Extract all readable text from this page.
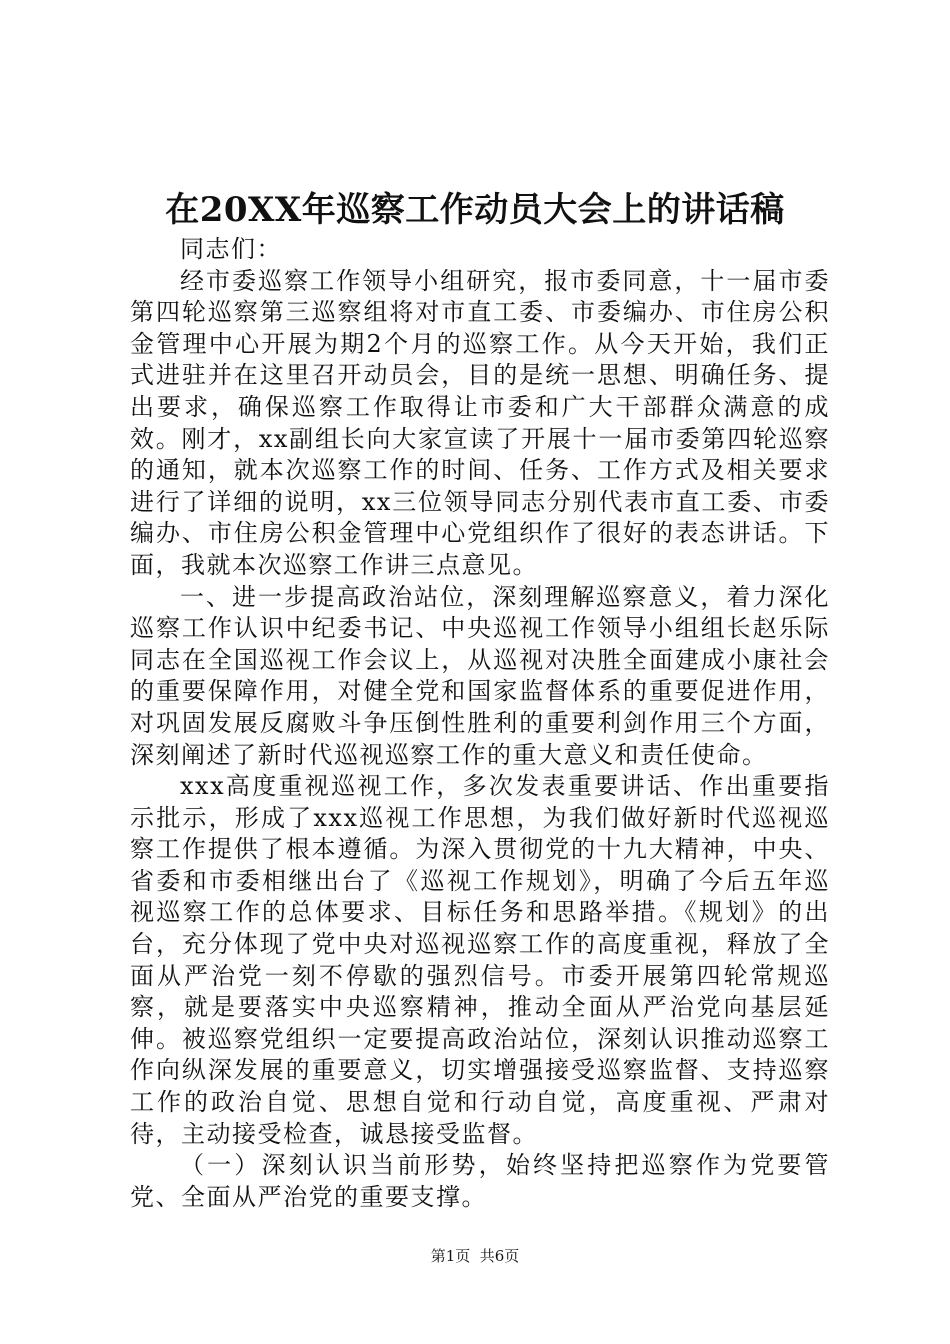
在20XX年巡察工作动员大会上的讲话稿

同志们：

经市委巡察工作领导小组研究，报市委同意，十一届市委第四轮巡察第三巡察组将对市直工委、市委编办、市住房公积金管理中心开展为期2个月的巡察工作。从今天开始，我们正式进驻并在这里召开动员会，目的是统一思想、明确任务、提出要求，确保巡察工作取得让市委和广大干部群众满意的成效。刚才，xx副组长向大家宣读了开展十一届市委第四轮巡察的通知，就本次巡察工作的时间、任务、工作方式及相关要求进行了详细的说明，xx三位领导同志分别代表市直工委、市委编办、市住房公积金管理中心党组织作了很好的表态讲话。下面，我就本次巡察工作讲三点意见。

一、进一步提高政治站位，深刻理解巡察意义，着力深化巡察工作认识中纪委书记、中央巡视工作领导小组组长赵乐际同志在全国巡视工作会议上，从巡视对决胜全面建成小康社会的重要保障作用，对健全党和国家监督体系的重要促进作用，对巩固发展反腐败斗争压倒性胜利的重要利剑作用三个方面，深刻阐述了新时代巡视巡察工作的重大意义和责任使命。

xxx高度重视巡视工作，多次发表重要讲话、作出重要指示批示，形成了xxx巡视工作思想，为我们做好新时代巡视巡察工作提供了根本遵循。为深入贯彻党的十九大精神，中央、省委和市委相继出台了《巡视工作规划》，明确了今后五年巡视巡察工作的总体要求、目标任务和思路举措。《规划》的出台，充分体现了党中央对巡视巡察工作的高度重视，释放了全面从严治党一刻不停歇的强烈信号。市委开展第四轮常规巡察，就是要落实中央巡察精神，推动全面从严治党向基层延伸。被巡察党组织一定要提高政治站位，深刻认识推动巡察工作向纵深发展的重要意义，切实增强接受巡察监督、支持巡察工作的政治自觉、思想自觉和行动自觉，高度重视、严肃对待，主动接受检查，诚恳接受监督。

（一）深刻认识当前形势，始终坚持把巡察作为党要管党、全面从严治党的重要支撑。

第1页  共6页
